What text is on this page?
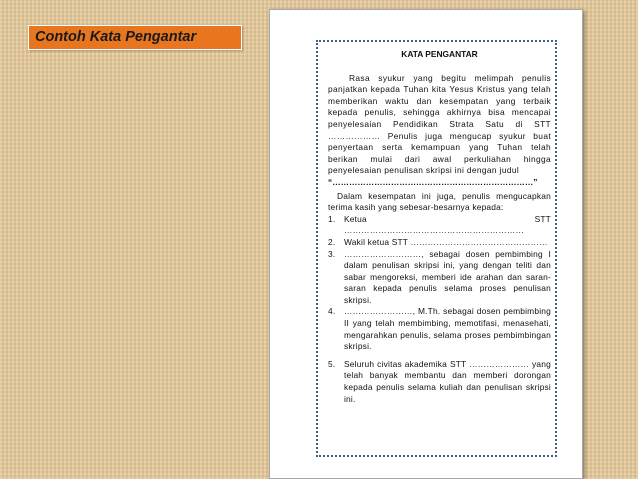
Contoh Kata Pengantar
KATA PENGANTAR
Rasa syukur yang begitu melimpah penulis panjatkan kepada Tuhan kita Yesus Kristus yang telah memberikan waktu dan kesempatan yang terbaik kepada penulis, sehingga akhirnya bisa mencapai penyelesaian Pendidikan Strata Satu di STT ……………… Penulis juga mengucap syukur buat penyertaan serta kemampuan yang Tuhan telah berikan mulai dari awal perkuliahan hingga penyelesaian penulisan skripsi ini dengan judul
“………………………………………………………………”
Dalam kesempatan ini juga, penulis mengucapkan terima kasih yang sebesar-besarnya kepada:
1. Ketua STT ………………………………………………………
2. Wakil ketua STT …………………………………………
3. ………………………, sebagai dosen pembimbing I dalam penulisan skripsi ini, yang dengan teliti dan sabar mengoreksi, memberi ide arahan dan saran-saran kepada penulis selama proses penulisan skripsi.
4. ……………………, M.Th. sebagai dosen pembimbing II yang telah membimbing, memotifasi, menasehati, mengarahkan penulis, selama proses pembimbingan skripsi.
5. Seluruh civitas akademika STT ………………… yang telah banyak membantu dan memberi dorongan kepada penulis selama kuliah dan penulisan skripsi ini.
